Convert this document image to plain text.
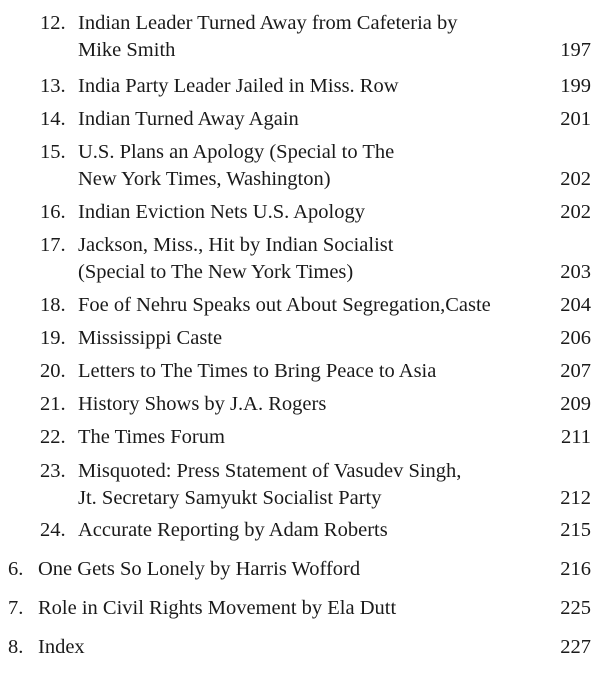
12. Indian Leader Turned Away from Cafeteria by
Mike Smith	197
13. India Party Leader Jailed in Miss. Row	199
14. Indian Turned Away Again	201
15. U.S. Plans an Apology (Special to The
New York Times, Washington)	202
16. Indian Eviction Nets U.S. Apology	202
17. Jackson, Miss., Hit by Indian Socialist
(Special to The New York Times)	203
18. Foe of Nehru Speaks out About Segregation,Caste	204
19. Mississippi Caste	206
20. Letters to The Times to Bring Peace to Asia	207
21. History Shows by J.A. Rogers	209
22. The Times Forum	211
23. Misquoted: Press Statement of Vasudev Singh,
Jt. Secretary Samyukt Socialist Party	212
24. Accurate Reporting by Adam Roberts	215
6. One Gets So Lonely by Harris Wofford	216
7. Role in Civil Rights Movement by Ela Dutt	225
8. Index	227
